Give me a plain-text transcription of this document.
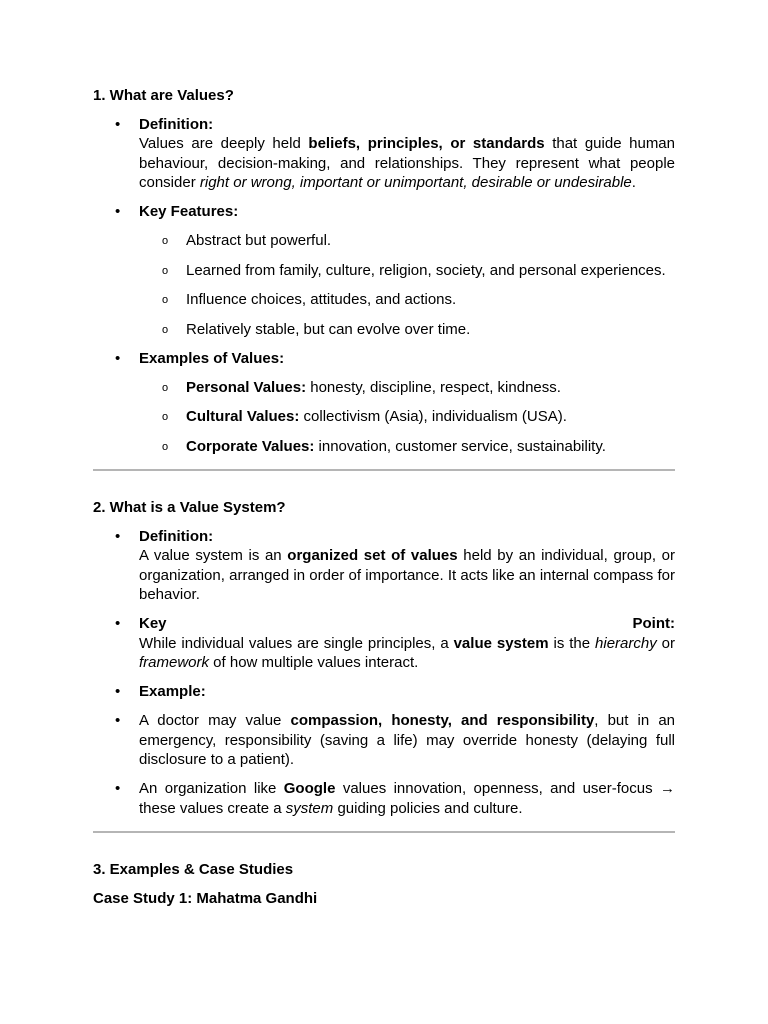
1. What are Values?

•	Definition:
Values are deeply held beliefs, principles, or standards that guide human behaviour, decision-making, and relationships. They represent what people consider right or wrong, important or unimportant, desirable or undesirable.
•	Key Features:
o Abstract but powerful.
o Learned from family, culture, religion, society, and personal experiences.
o Influence choices, attitudes, and actions.
o Relatively stable, but can evolve over time.
•	Examples of Values:
o Personal Values: honesty, discipline, respect, kindness.
o Cultural Values: collectivism (Asia), individualism (USA).
o Corporate Values: innovation, customer service, sustainability.

2. What is a Value System?

•	Definition:
A value system is an organized set of values held by an individual, group, or organization, arranged in order of importance. It acts like an internal compass for behavior.
•	Key	Point:
While individual values are single principles, a value system is the hierarchy or framework of how multiple values interact.
•	Example:
•	A doctor may value compassion, honesty, and responsibility, but in an emergency, responsibility (saving a life) may override honesty (delaying full disclosure to a patient).
•	An organization like Google values innovation, openness, and user-focus → these values create a system guiding policies and culture.

3. Examples & Case Studies

Case Study 1: Mahatma Gandhi
